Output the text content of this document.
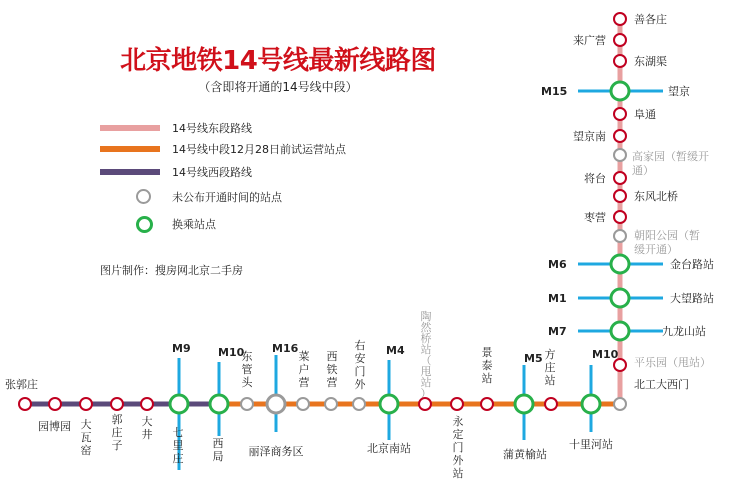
M9 M10	M16	M4
M5	M10
M7
M1
M6
M15
张郭庄
园博园 大瓦窑
郭庄子
大井 七里庄
西局
东管头
丽泽商务区
菜户营
西铁营
右安门外
北京南站
陶然桥站（甩站）
永定门外站
景泰站
蒲黄榆站
方庄站
十里河站
北工大西门
平乐园（甩站）
九龙山站
大望路站
金台路站
朝阳公园（暂
缓开通）
枣营
东风北桥
将台
高家园（暂缓开
通）
望京南
阜通
望京
东湖渠
来广营
善各庄
北京地铁14号线最新线路图
（含即将开通的14号线中段）
14号线东段路线
14号线中段12月28日前试运营站点
14号线西段路线
未公布开通时间的站点
换乘站点
图片制作：搜房网北京二手房
